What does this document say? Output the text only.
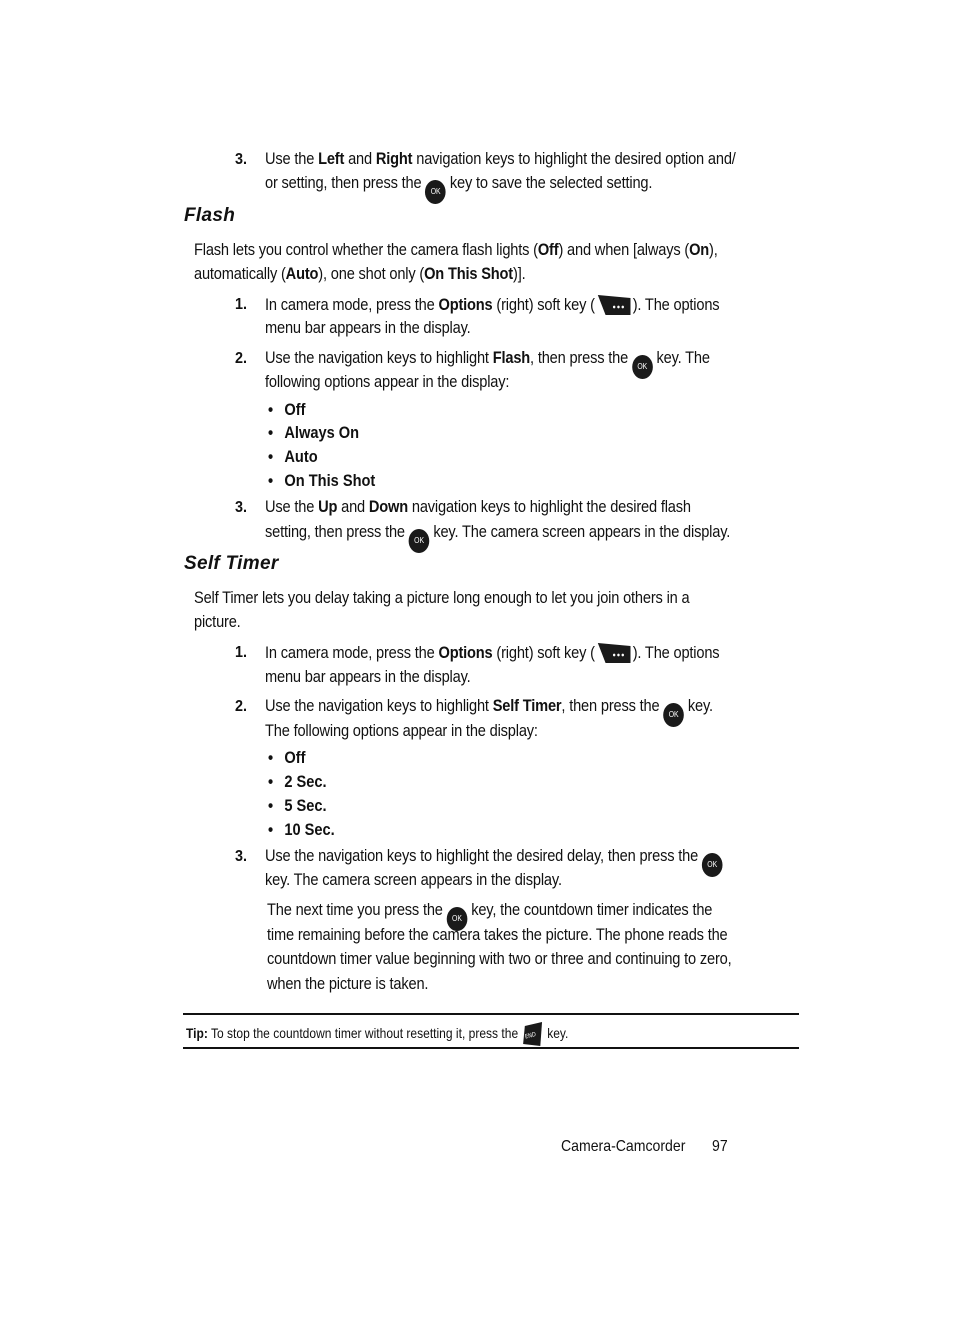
3. Use the Left and Right navigation keys to highlight the desired option and/
or setting, then press the OK key to save the selected setting.
Flash
Flash lets you control whether the camera flash lights (Off) and when [always (On),
automatically (Auto), one shot only (On This Shot)].
1. In camera mode, press the Options (right) soft key ( ). The options
menu bar appears in the display.
2. Use the navigation keys to highlight Flash, then press the OK key. The
following options appear in the display:
• Off
• Always On
• Auto
• On This Shot
3. Use the Up and Down navigation keys to highlight the desired flash
setting, then press the OK key. The camera screen appears in the display.
Self Timer
Self Timer lets you delay taking a picture long enough to let you join others in a
picture.
1. In camera mode, press the Options (right) soft key ( ). The options
menu bar appears in the display.
2. Use the navigation keys to highlight Self Timer, then press the OK key.
The following options appear in the display:
• Off
• 2 Sec.
• 5 Sec.
• 10 Sec.
3. Use the navigation keys to highlight the desired delay, then press the OK
key. The camera screen appears in the display.
The next time you press the OK key, the countdown timer indicates the
time remaining before the camera takes the picture. The phone reads the
countdown timer value beginning with two or three and continuing to zero,
when the picture is taken.
Tip: To stop the countdown timer without resetting it, press the END key.
Camera-Camcorder 97
